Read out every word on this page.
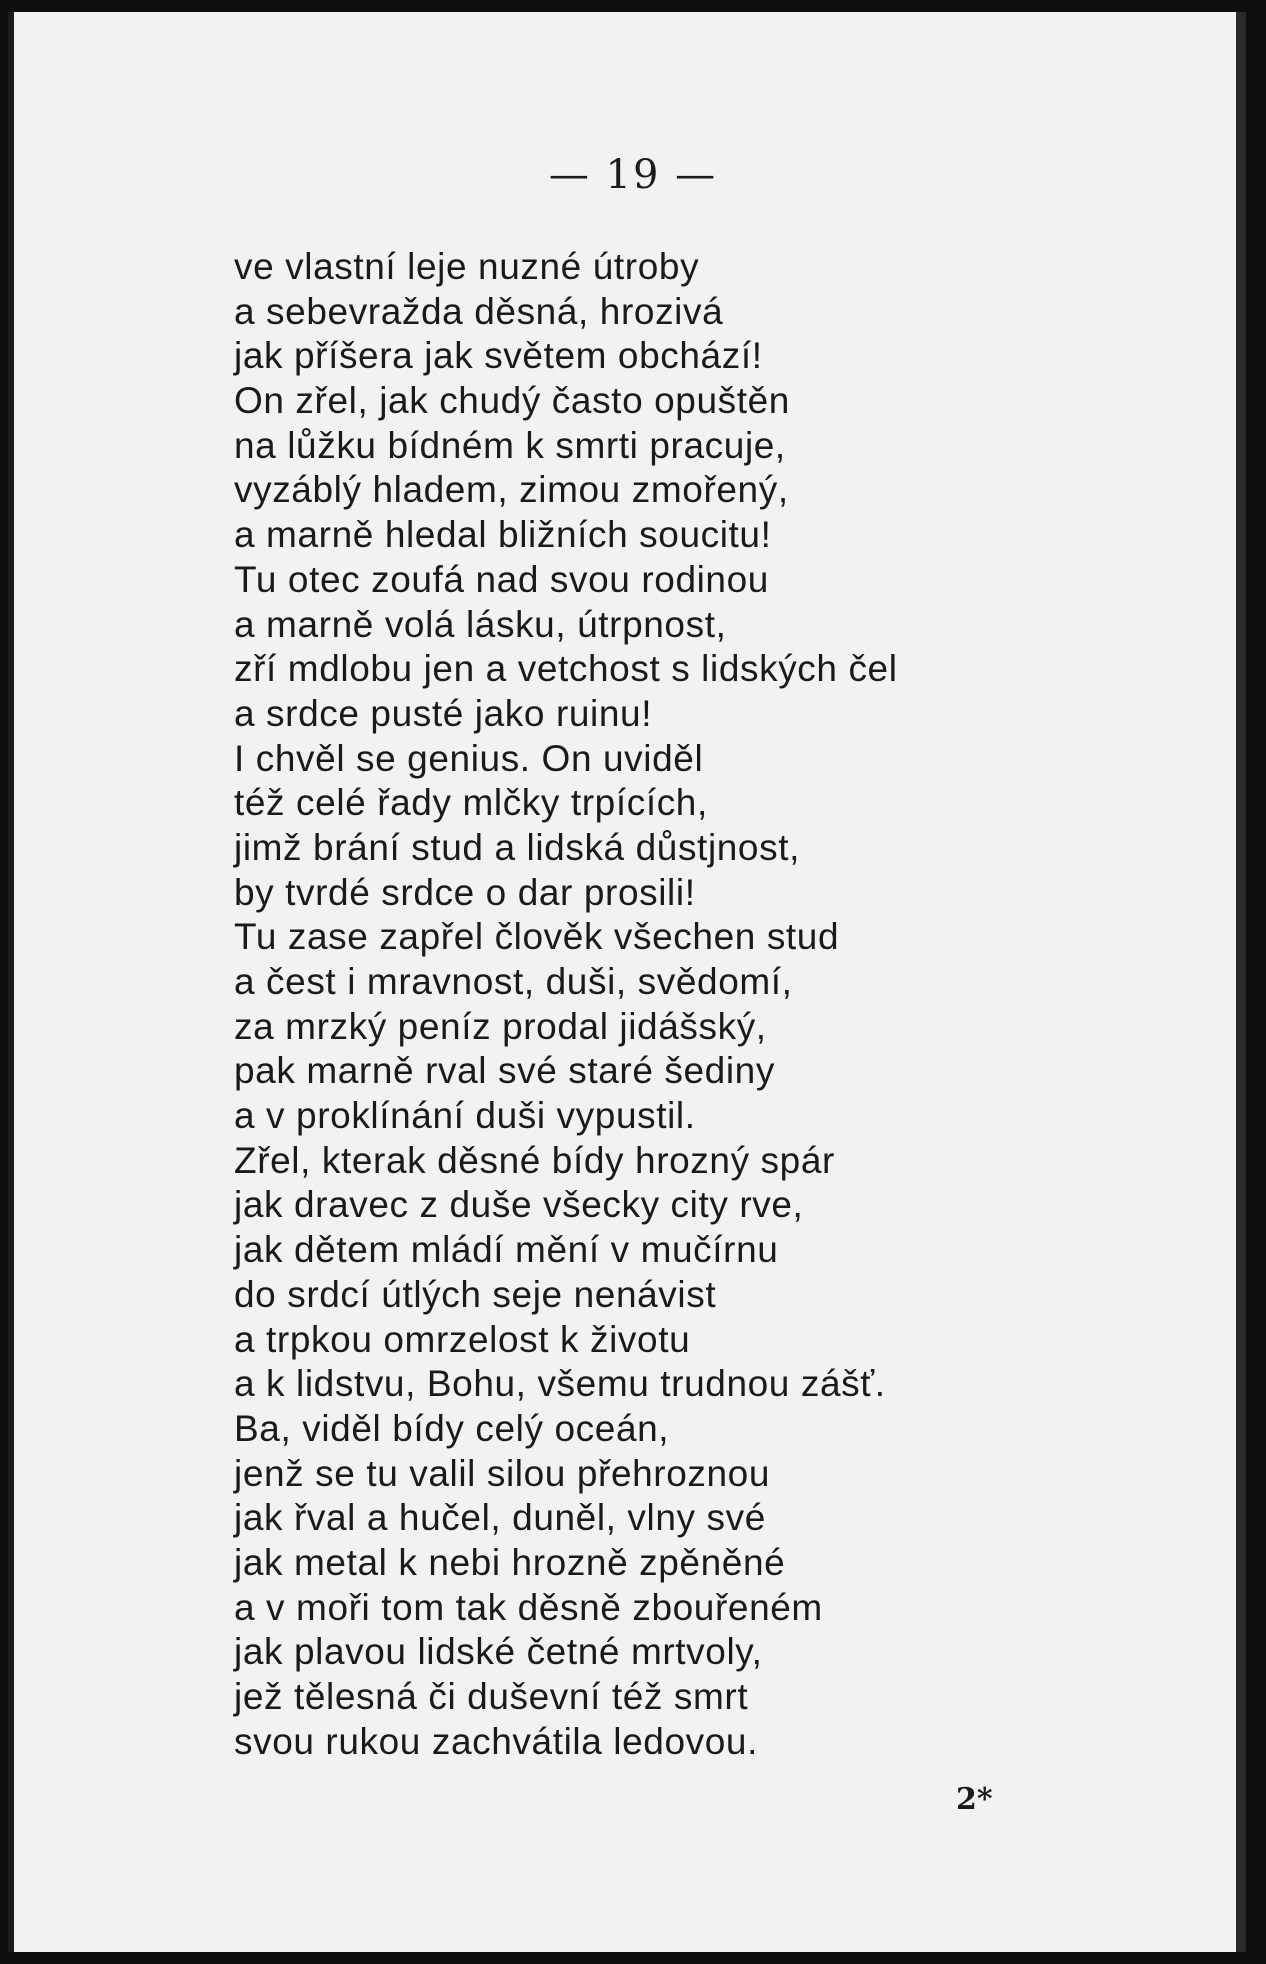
— 19 —
ve vlastní leje nuzné útroby
a sebevražda děsná, hrozivá
jak příšera jak světem obchází!
On zřel, jak chudý často opuštěn
na lůžku bídném k smrti pracuje,
vyzáblý hladem, zimou zmořený,
a marně hledal bližních soucitu!
Tu otec zoufá nad svou rodinou
a marně volá lásku, útrpnost,
zří mdlobu jen a vetchost s lidských čel
a srdce pusté jako ruinu!
I chvěl se genius. On uviděl
též celé řady mlčky trpících,
jimž brání stud a lidská důstjnost,
by tvrdé srdce o dar prosili!
Tu zase zapřel člověk všechen stud
a čest i mravnost, duši, svědomí,
za mrzký peníz prodal jidášský,
pak marně rval své staré šediny
a v proklínání duši vypustil.
Zřel, kterak děsné bídy hrozný spár
jak dravec z duše všecky city rve,
jak dětem mládí mění v mučírnu
do srdcí útlých seje nenávist
a trpkou omrzelost k životu
a k lidstvu, Bohu, všemu trudnou zášť.
Ba, viděl bídy celý oceán,
jenž se tu valil silou přehroznou
jak řval a hučel, duněl, vlny své
jak metal k nebi hrozně zpěněné
a v moři tom tak děsně zbouřeném
jak plavou lidské četné mrtvoly,
jež tělesná či duševní též smrt
svou rukou zachvátila ledovou.
2*
